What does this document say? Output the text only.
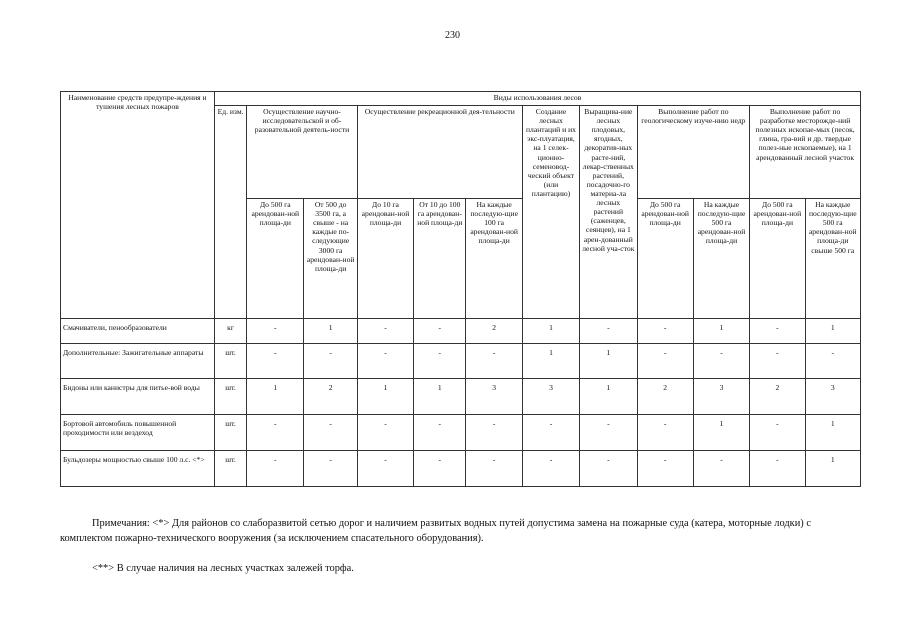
230
Наименование средств предупре-ждения и тушения лесных пожаров	Виды использования лесов											
	Ед. изм.	Осуществление научно-исследовательской и об-разовательной деятель-ности		Осуществление рекреационной дея-тельности			Создание лесных плантаций и их экс-плуатация, на 1 селек-ционно-семеновод-ческий объект (или плантацию)	Выращива-ние лесных плодовых, ягодных, декоратив-ных расте-ний, лекар-ственных растений, посадочно-го материа-ла лесных растений (саженцев, сеянцев), на 1 арен-дованный лесной уча-сток	Выполнение работ по геологическому изуче-нию недр		Выполнение работ по разработке месторожде-ний полезных ископае-мых (песок, глина, гра-вий и др. твердые полез-ные ископаемые), на 1 арендованный лесной участок	
		До 500 га арендован-ной площа-ди	От 500 до 3500 га, а свыше - на каждые по-следующие 3000 га арендован-ной площа-ди	До 10 га арендован-ной площа-ди	От 10 до 100 га арендован-ной площа-ди	На каждые последую-щие 100 га арендован-ной площа-ди			До 500 га арендован-ной площа-ди	На каждые последую-щие 500 га арендован-ной площа-ди	До 500 га арендован-ной площа-ди	На каждые последую-щие 500 га арендован-ной площа-ди свыше 500 га
Смачиватели, пенообразователи	кг	-	1	-	-	2	1	-	-	1	-	1
Дополнительные: Зажигательные аппараты	шт.	-	-	-	-	-	1	1	-	-	-	-
Бидоны или канистры для питье-вой воды	шт.	1	2	1	1	3	3	1	2	3	2	3
Бортовой автомобиль повышенной проходимости или вездеход	шт.	-	-	-	-	-	-	-	-	1	-	1
Бульдозеры мощностью свыше 100 л.с. <*>	шт.	-	-	-	-	-	-	-	-	-	-	1
Примечания: <*> Для районов со слаборазвитой сетью дорог и наличием развитых водных путей допустима замена на пожарные суда (катера, моторные лодки) с комплектом пожарно-технического вооружения (за исключением спасательного оборудования).
<**> В случае наличия на лесных участках залежей торфа.
